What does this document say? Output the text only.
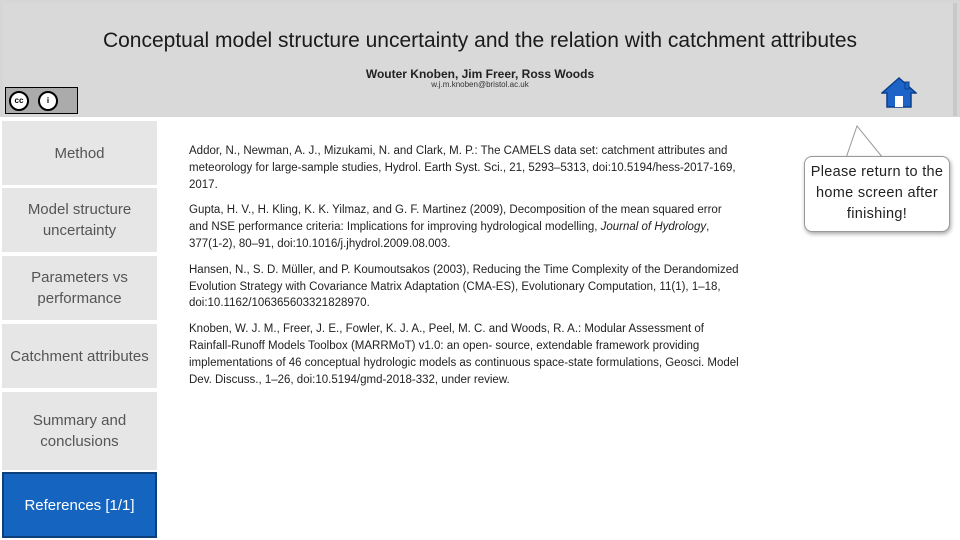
Conceptual model structure uncertainty and the relation with catchment attributes
Wouter Knoben, Jim Freer, Ross Woods
w.j.m.knoben@bristol.ac.uk
cc	i
Method
Model structure uncertainty
Parameters vs performance
Catchment attributes
Summary and conclusions
References [1/1]
Addor, N., Newman, A. J., Mizukami, N. and Clark, M. P.: The CAMELS data set: catchment attributes and meteorology for large-sample studies, Hydrol. Earth Syst. Sci., 21, 5293–5313, doi:10.5194/hess-2017-169, 2017.
Gupta, H. V., H. Kling, K. K. Yilmaz, and G. F. Martinez (2009), Decomposition of the mean squared error and NSE performance criteria: Implications for improving hydrological modelling, Journal of Hydrology, 377(1-2), 80–91, doi:10.1016/j.jhydrol.2009.08.003.
Hansen, N., S. D. Müller, and P. Koumoutsakos (2003), Reducing the Time Complexity of the Derandomized Evolution Strategy with Covariance Matrix Adaptation (CMA-ES), Evolutionary Computation, 11(1), 1–18, doi:10.1162/106365603321828970.
Knoben, W. J. M., Freer, J. E., Fowler, K. J. A., Peel, M. C. and Woods, R. A.: Modular Assessment of Rainfall-Runoff Models Toolbox (MARRMoT) v1.0: an open- source, extendable framework providing implementations of 46 conceptual hydrologic models as continuous space-state formulations, Geosci. Model Dev. Discuss., 1–26, doi:10.5194/gmd-2018-332, under review.
Please return to the home screen after finishing!
